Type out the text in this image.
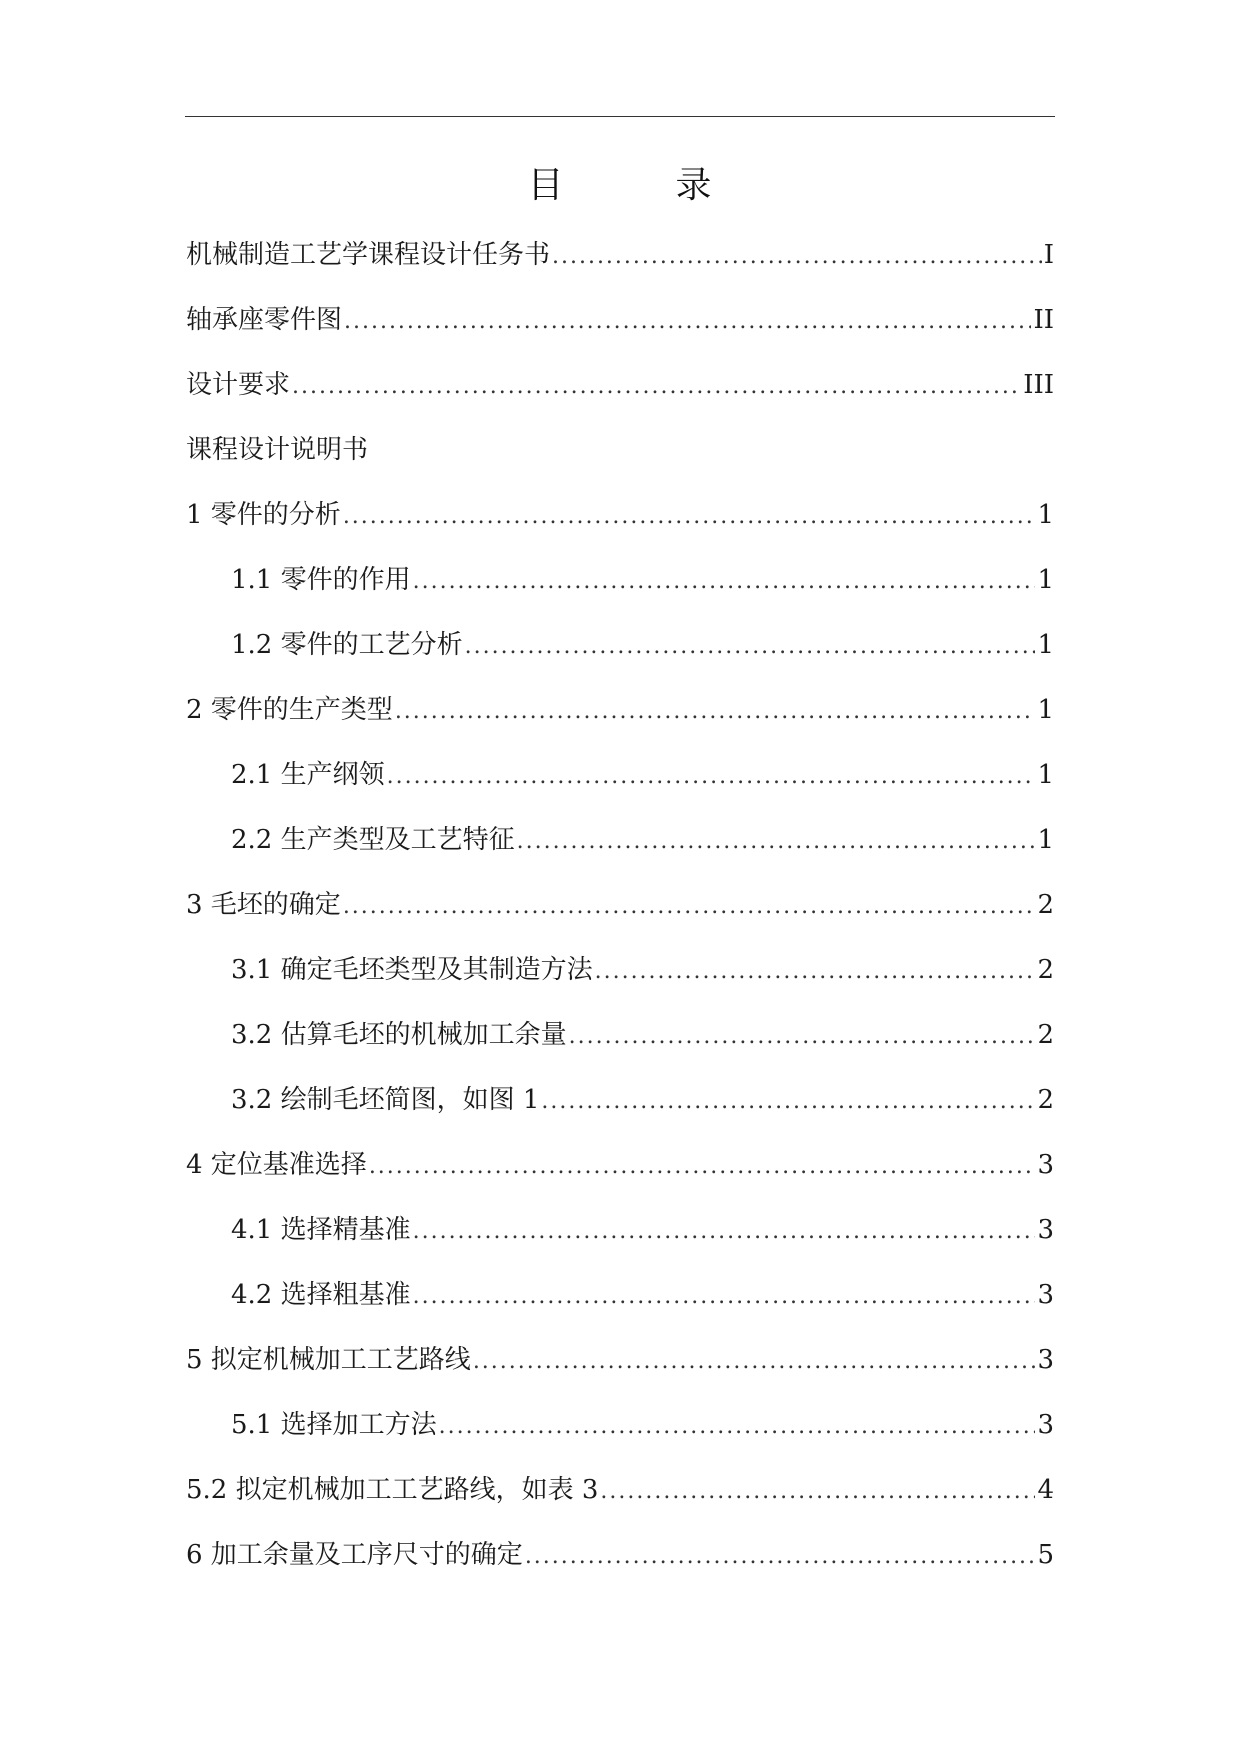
目　录
机械制造工艺学课程设计任务书 . . .	I
轴承座零件图 . . .	II
设计要求 . . .	III
课程设计说明书
1 零件的分析 . . .	1
1.1 零件的作用 . . .	1
1.2 零件的工艺分析 . . .	1
2 零件的生产类型 . . .	1
2.1 生产纲领 . . .	1
2.2 生产类型及工艺特征 . . .	1
3 毛坯的确定 . . .	2
3.1 确定毛坯类型及其制造方法 . . .	2
3.2 估算毛坯的机械加工余量 . . .	2
3.2 绘制毛坯简图，如图 1 . . .	2
4 定位基准选择 . . .	3
4.1 选择精基准 . . .	3
4.2 选择粗基准 . . .	3
5 拟定机械加工工艺路线 . . .	3
5.1 选择加工方法 . . .	3
5.2 拟定机械加工工艺路线，如表 3 . . .	4
6 加工余量及工序尺寸的确定 . . .	5
